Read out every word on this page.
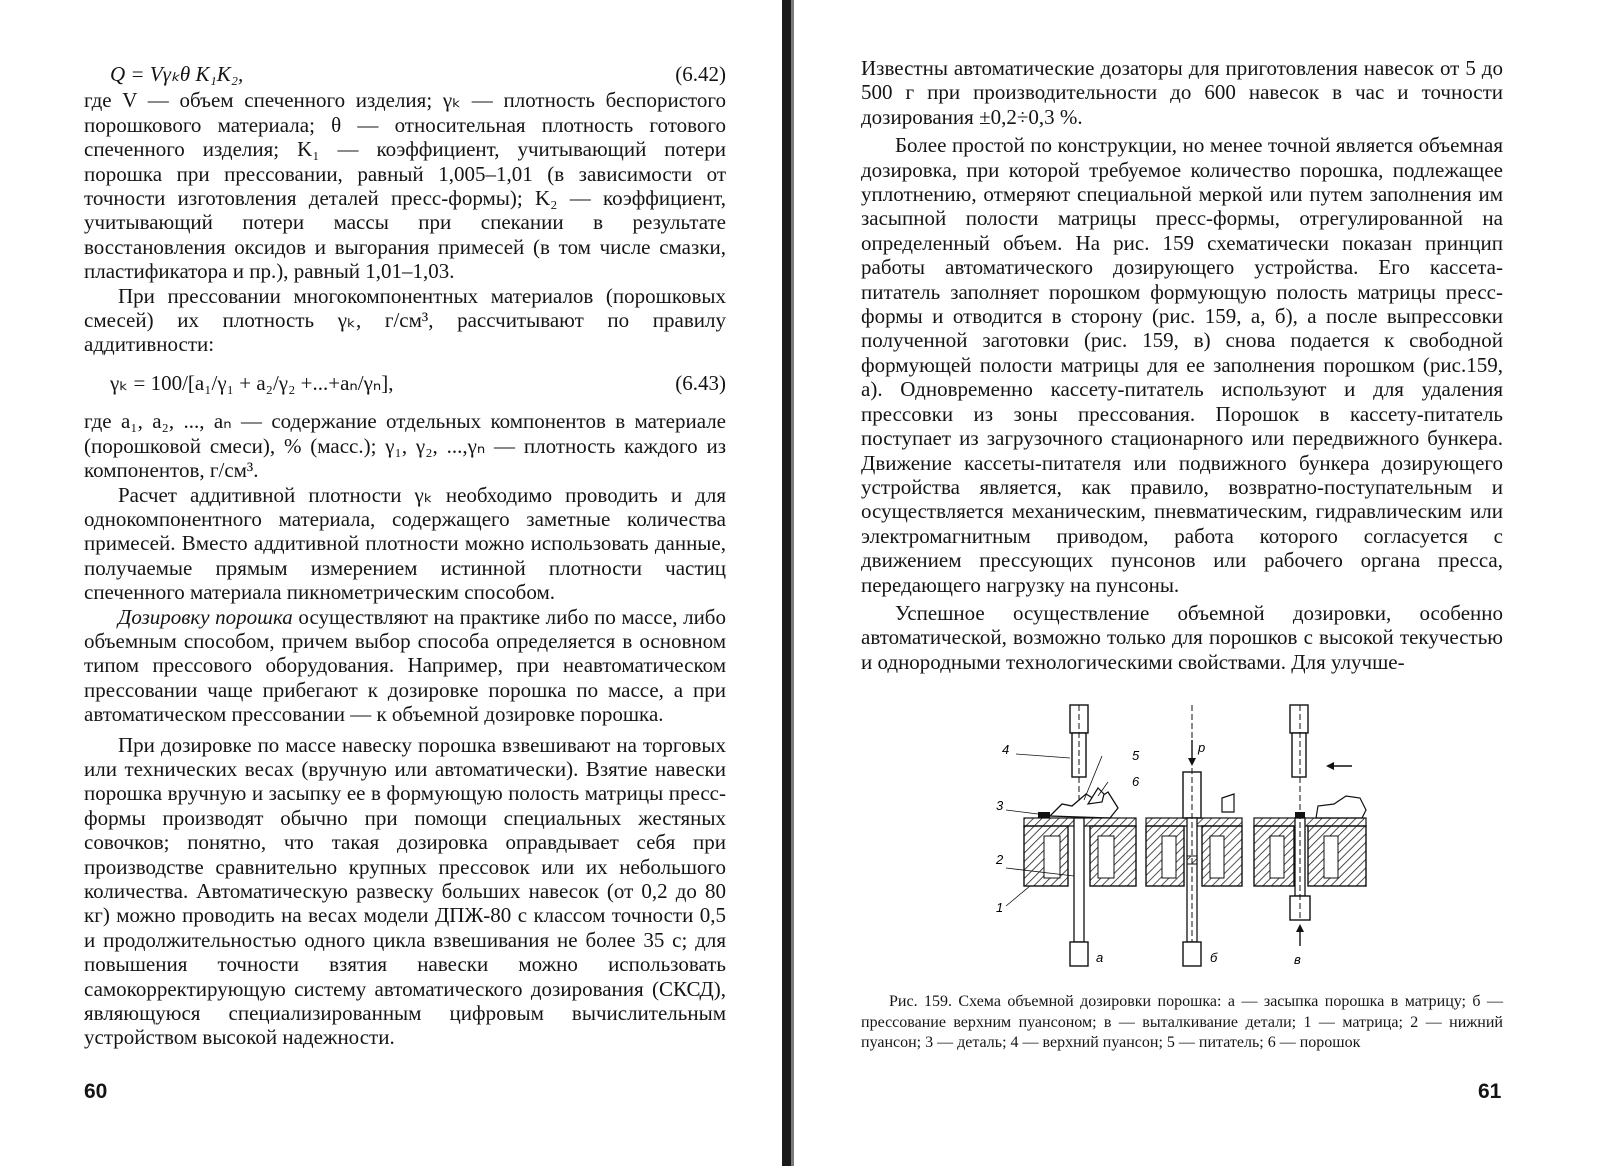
Q = Vγₖθ K₁K₂,	(6.42)

где V — объем спеченного изделия; γₖ — плотность беспористого порошкового материала; θ — относительная плотность готового спеченного изделия; K₁ — коэффициент, учитывающий потери порошка при прессовании, равный 1,005–1,01 (в зависимости от точности изготовления деталей пресс-формы); K₂ — коэффициент, учитывающий потери массы при спекании в результате восстановления оксидов и выгорания примесей (в том числе смазки, пластификатора и пр.), равный 1,01–1,03.

При прессовании многокомпонентных материалов (порошковых смесей) их плотность γₖ, г/см³, рассчитывают по правилу аддитивности:

γₖ = 100/[a₁/γ₁ + a₂/γ₂ +...+aₙ/γₙ],	(6.43)

где a₁, a₂, ..., aₙ — содержание отдельных компонентов в материале (порошковой смеси), % (масс.); γ₁, γ₂, ...,γₙ — плотность каждого из компонентов, г/см³.

Расчет аддитивной плотности γₖ необходимо проводить и для однокомпонентного материала, содержащего заметные количества примесей. Вместо аддитивной плотности можно использовать данные, получаемые прямым измерением истинной плотности частиц спеченного материала пикнометрическим способом.

Дозировку порошка осуществляют на практике либо по массе, либо объемным способом, причем выбор способа определяется в основном типом прессового оборудования. Например, при неавтоматическом прессовании чаще прибегают к дозировке порошка по массе, а при автоматическом прессовании — к объемной дозировке порошка.

При дозировке по массе навеску порошка взвешивают на торговых или технических весах (вручную или автоматически). Взятие навески порошка вручную и засыпку ее в формующую полость матрицы пресс-формы производят обычно при помощи специальных жестяных совочков; понятно, что такая дозировка оправдывает себя при производстве сравнительно крупных прессовок или их небольшого количества. Автоматическую развеску больших навесок (от 0,2 до 80 кг) можно проводить на весах модели ДПЖ-80 с классом точности 0,5 и продолжительностью одного цикла взвешивания не более 35 с; для повышения точности взятия навески можно использовать самокорректирующую систему автоматического дозирования (СКСД), являющуюся специализированным цифровым вычислительным устройством высокой надежности.

60

Известны автоматические дозаторы для приготовления навесок от 5 до 500 г при производительности до 600 навесок в час и точности дозирования ±0,2÷0,3 %.

Более простой по конструкции, но менее точной является объемная дозировка, при которой требуемое количество порошка, подлежащее уплотнению, отмеряют специальной меркой или путем заполнения им засыпной полости матрицы пресс-формы, отрегулированной на определенный объем. На рис. 159 схематически показан принцип работы автоматического дозирующего устройства. Его кассета-питатель заполняет порошком формующую полость матрицы пресс-формы и отводится в сторону (рис. 159, а, б), а после выпрессовки полученной заготовки (рис. 159, в) снова подается к свободной формующей полости матрицы для ее заполнения порошком (рис.159, а). Одновременно кассету-питатель используют и для удаления прессовки из зоны прессования. Порошок в кассету-питатель поступает из загрузочного стационарного или передвижного бункера. Движение кассеты-питателя или подвижного бункера дозирующего устройства является, как правило, возвратно-поступательным и осуществляется механическим, пневматическим, гидравлическим или электромагнитным приводом, работа которого согласуется с движением прессующих пунсонов или рабочего органа пресса, передающего нагрузку на пунсоны.

Успешное осуществление объемной дозировки, особенно автоматической, возможно только для порошков с высокой текучестью и однородными технологическими свойствами. Для улучше-

4	5
6
3
2
1
а
p
б	в

Рис. 159. Схема объемной дозировки порошка: а — засыпка порошка в матрицу; б — прессование верхним пуансоном; в — выталкивание детали; 1 — матрица; 2 — нижний пуансон; 3 — деталь; 4 — верхний пуансон; 5 — питатель; 6 — порошок

61
